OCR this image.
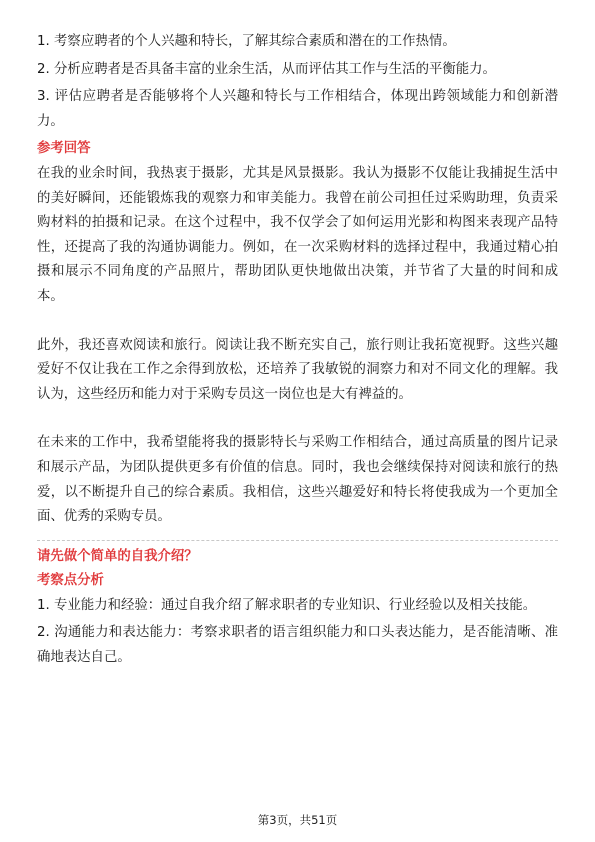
1. 考察应聘者的个人兴趣和特长，了解其综合素质和潜在的工作热情。

2. 分析应聘者是否具备丰富的业余生活，从而评估其工作与生活的平衡能力。

3. 评估应聘者是否能够将个人兴趣和特长与工作相结合，体现出跨领域能力和创新潜力。

参考回答

在我的业余时间，我热衷于摄影，尤其是风景摄影。我认为摄影不仅能让我捕捉生活中的美好瞬间，还能锻炼我的观察力和审美能力。我曾在前公司担任过采购助理，负责采购材料的拍摄和记录。在这个过程中，我不仅学会了如何运用光影和构图来表现产品特性，还提高了我的沟通协调能力。例如，在一次采购材料的选择过程中，我通过精心拍摄和展示不同角度的产品照片，帮助团队更快地做出决策，并节省了大量的时间和成本。

此外，我还喜欢阅读和旅行。阅读让我不断充实自己，旅行则让我拓宽视野。这些兴趣爱好不仅让我在工作之余得到放松，还培养了我敏锐的洞察力和对不同文化的理解。我认为，这些经历和能力对于采购专员这一岗位也是大有裨益的。

在未来的工作中，我希望能将我的摄影特长与采购工作相结合，通过高质量的图片记录和展示产品，为团队提供更多有价值的信息。同时，我也会继续保持对阅读和旅行的热爱，以不断提升自己的综合素质。我相信，这些兴趣爱好和特长将使我成为一个更加全面、优秀的采购专员。

请先做个简单的自我介绍？

考察点分析

1. 专业能力和经验：通过自我介绍了解求职者的专业知识、行业经验以及相关技能。

2. 沟通能力和表达能力：考察求职者的语言组织能力和口头表达能力，是否能清晰、准确地表达自己。

第3页，共51页
